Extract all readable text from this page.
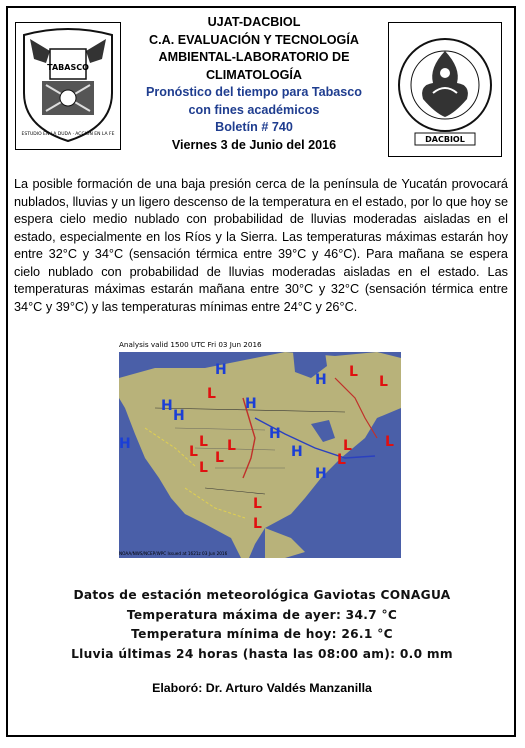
TABASCO
ESTUDIO EN LA DUDA · ACCIÓN EN LA FE
UJAT-DACBIOL
C.A. EVALUACIÓN Y TECNOLOGÍA
AMBIENTAL-LABORATORIO DE
CLIMATOLOGÍA
Pronóstico del tiempo para Tabasco
con fines académicos
Boletín # 740
Viernes 3 de Junio del 2016	DACBIOL
La posible formación de una baja presión cerca de la península de Yucatán provocará nublados, lluvias y un ligero descenso de la temperatura en el estado, por lo que hoy se espera cielo medio nublado con probabilidad de lluvias moderadas aisladas en el estado, especialmente en los Ríos y la Sierra. Las temperaturas máximas estarán hoy entre 32°C y 34°C (sensación térmica entre 39°C y 46°C). Para mañana se espera cielo nublado con probabilidad de lluvias moderadas aisladas en el estado. Las temperaturas máximas estarán mañana entre 30°C y 32°C (sensación térmica entre 34°C y 39°C) y las temperaturas mínimas entre 24°C y 26°C.
Analysis valid 1500 UTC Fri 03 Jun 2016
H
H
H
H
H
H	H
H
H
L
L
L
L L
L
L
L	L
L
L
L
L
NOAA/NWS/NCEP/WPC Issued at 1621z 03 Jun 2016
Datos de estación meteorológica Gaviotas CONAGUA
Temperatura máxima de ayer: 34.7 °C
Temperatura mínima de hoy: 26.1 °C
Lluvia últimas 24 horas (hasta las 08:00 am): 0.0 mm
Elaboró: Dr. Arturo Valdés Manzanilla
